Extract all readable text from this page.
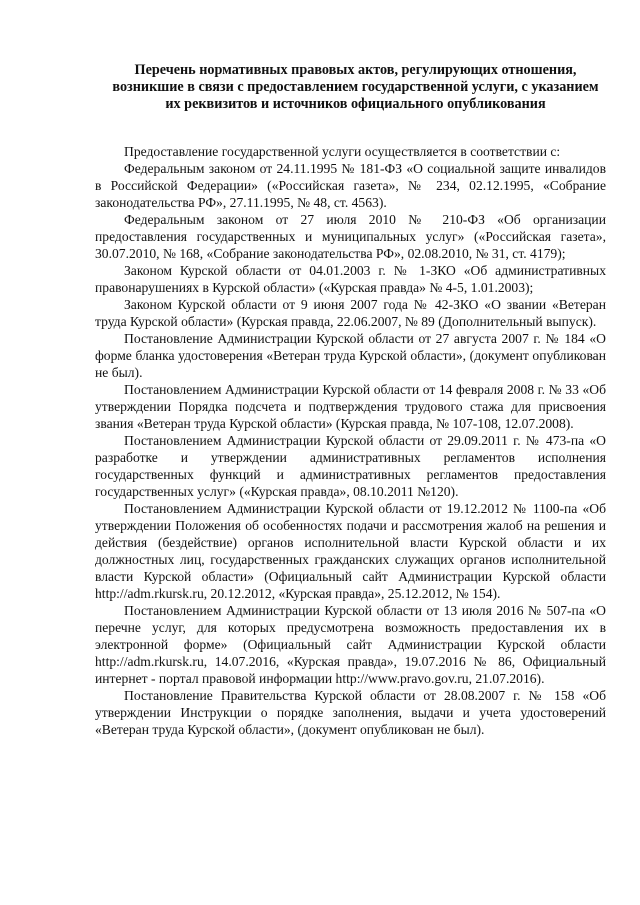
Перечень нормативных правовых актов, регулирующих отношения,
возникшие в связи с предоставлением государственной услуги, с указанием
их реквизитов и источников официального опубликования

Предоставление государственной услуги осуществляется в соответствии с:

Федеральным законом от 24.11.1995 № 181-ФЗ «О социальной защите инвалидов в Российской Федерации» («Российская газета», № 234, 02.12.1995, «Собрание законодательства РФ», 27.11.1995, № 48, ст. 4563).

Федеральным законом от 27 июля 2010 № 210-ФЗ «Об организации предоставления государственных и муниципальных услуг» («Российская газета», 30.07.2010, № 168, «Собрание законодательства РФ», 02.08.2010, № 31, ст. 4179);

Законом Курской области от 04.01.2003 г. № 1-ЗКО «Об административных правонарушениях в Курской области» («Курская правда» № 4-5, 1.01.2003);

Законом Курской области от 9 июня 2007 года № 42-ЗКО «О звании «Ветеран труда Курской области» (Курская правда, 22.06.2007, № 89 (Дополнительный выпуск).

Постановление Администрации Курской области от 27 августа 2007 г. № 184 «О форме бланка удостоверения «Ветеран труда Курской области», (документ опубликован не был).

Постановлением Администрации Курской области от 14 февраля 2008 г. № 33 «Об утверждении Порядка подсчета и подтверждения трудового стажа для присвоения звания «Ветеран труда Курской области» (Курская правда, № 107-108, 12.07.2008).

Постановлением Администрации Курской области от 29.09.2011 г. № 473-па «О разработке и утверждении административных регламентов исполнения государственных функций и административных регламентов предоставления государственных услуг» («Курская правда», 08.10.2011 №120).

Постановлением Администрации Курской области от 19.12.2012 № 1100-па «Об утверждении Положения об особенностях подачи и рассмотрения жалоб на решения и действия (бездействие) органов исполнительной власти Курской области и их должностных лиц, государственных гражданских служащих органов исполнительной власти Курской области» (Официальный сайт Администрации Курской области http://adm.rkursk.ru, 20.12.2012, «Курская правда», 25.12.2012, № 154).

Постановлением Администрации Курской области от 13 июля 2016 № 507-па «О перечне услуг, для которых предусмотрена возможность предоставления их в электронной форме» (Официальный сайт Администрации Курской области http://adm.rkursk.ru, 14.07.2016, «Курская правда», 19.07.2016 № 86, Официальный интернет - портал правовой информации http://www.pravo.gov.ru, 21.07.2016).

Постановление Правительства Курской области от 28.08.2007 г. № 158 «Об утверждении Инструкции о порядке заполнения, выдачи и учета удостоверений «Ветеран труда Курской области», (документ опубликован не был).
